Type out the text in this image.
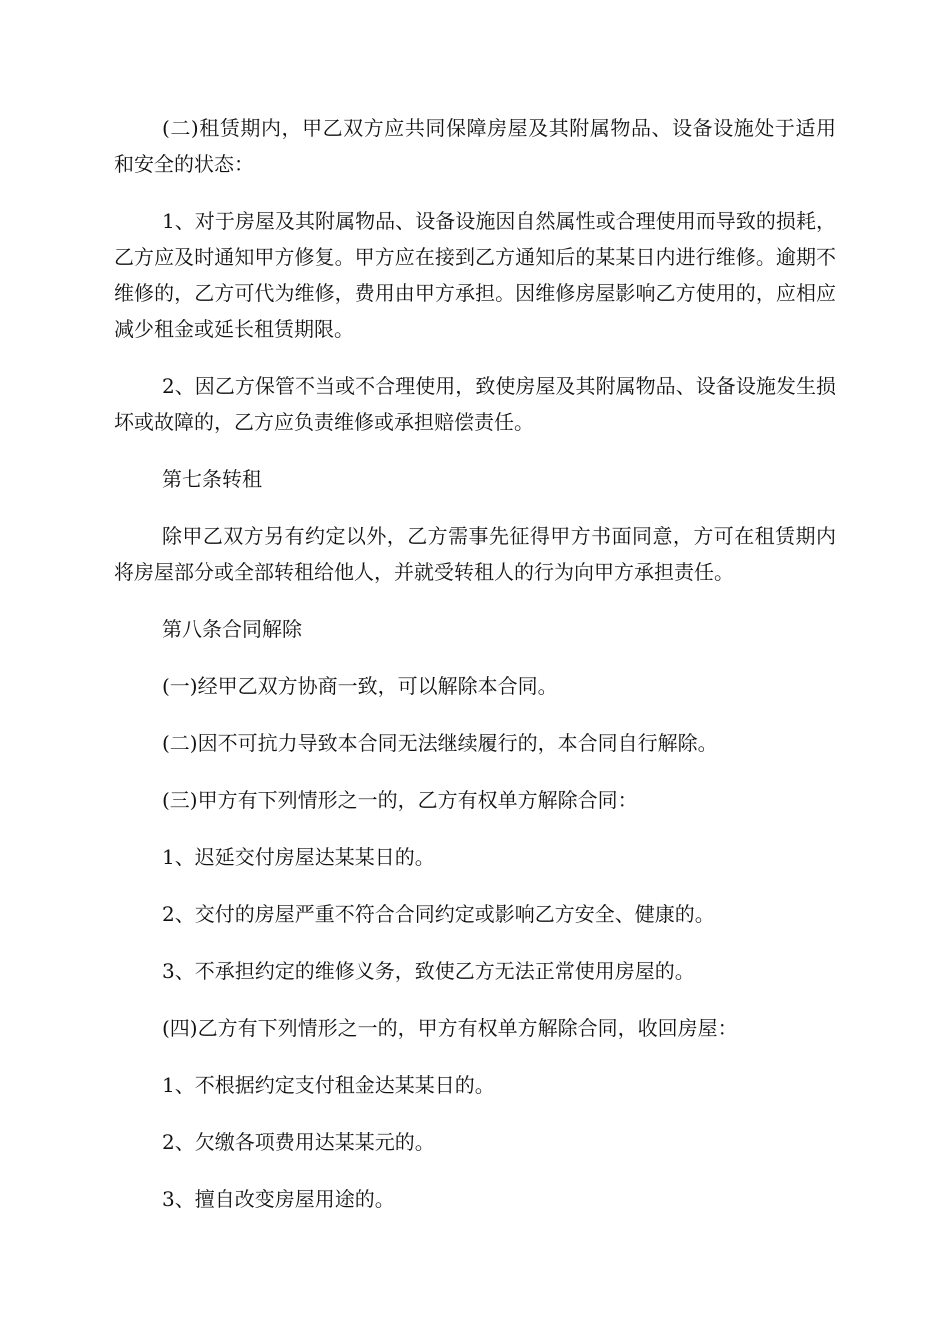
(二)租赁期内，甲乙双方应共同保障房屋及其附属物品、设备设施处于适用和安全的状态：

1、对于房屋及其附属物品、设备设施因自然属性或合理使用而导致的损耗，乙方应及时通知甲方修复。甲方应在接到乙方通知后的某某日内进行维修。逾期不维修的，乙方可代为维修，费用由甲方承担。因维修房屋影响乙方使用的，应相应减少租金或延长租赁期限。

2、因乙方保管不当或不合理使用，致使房屋及其附属物品、设备设施发生损坏或故障的，乙方应负责维修或承担赔偿责任。

第七条转租

除甲乙双方另有约定以外，乙方需事先征得甲方书面同意，方可在租赁期内将房屋部分或全部转租给他人，并就受转租人的行为向甲方承担责任。

第八条合同解除

(一)经甲乙双方协商一致，可以解除本合同。

(二)因不可抗力导致本合同无法继续履行的，本合同自行解除。

(三)甲方有下列情形之一的，乙方有权单方解除合同：

1、迟延交付房屋达某某日的。

2、交付的房屋严重不符合合同约定或影响乙方安全、健康的。

3、不承担约定的维修义务，致使乙方无法正常使用房屋的。

(四)乙方有下列情形之一的，甲方有权单方解除合同，收回房屋：

1、不根据约定支付租金达某某日的。

2、欠缴各项费用达某某元的。

3、擅自改变房屋用途的。
